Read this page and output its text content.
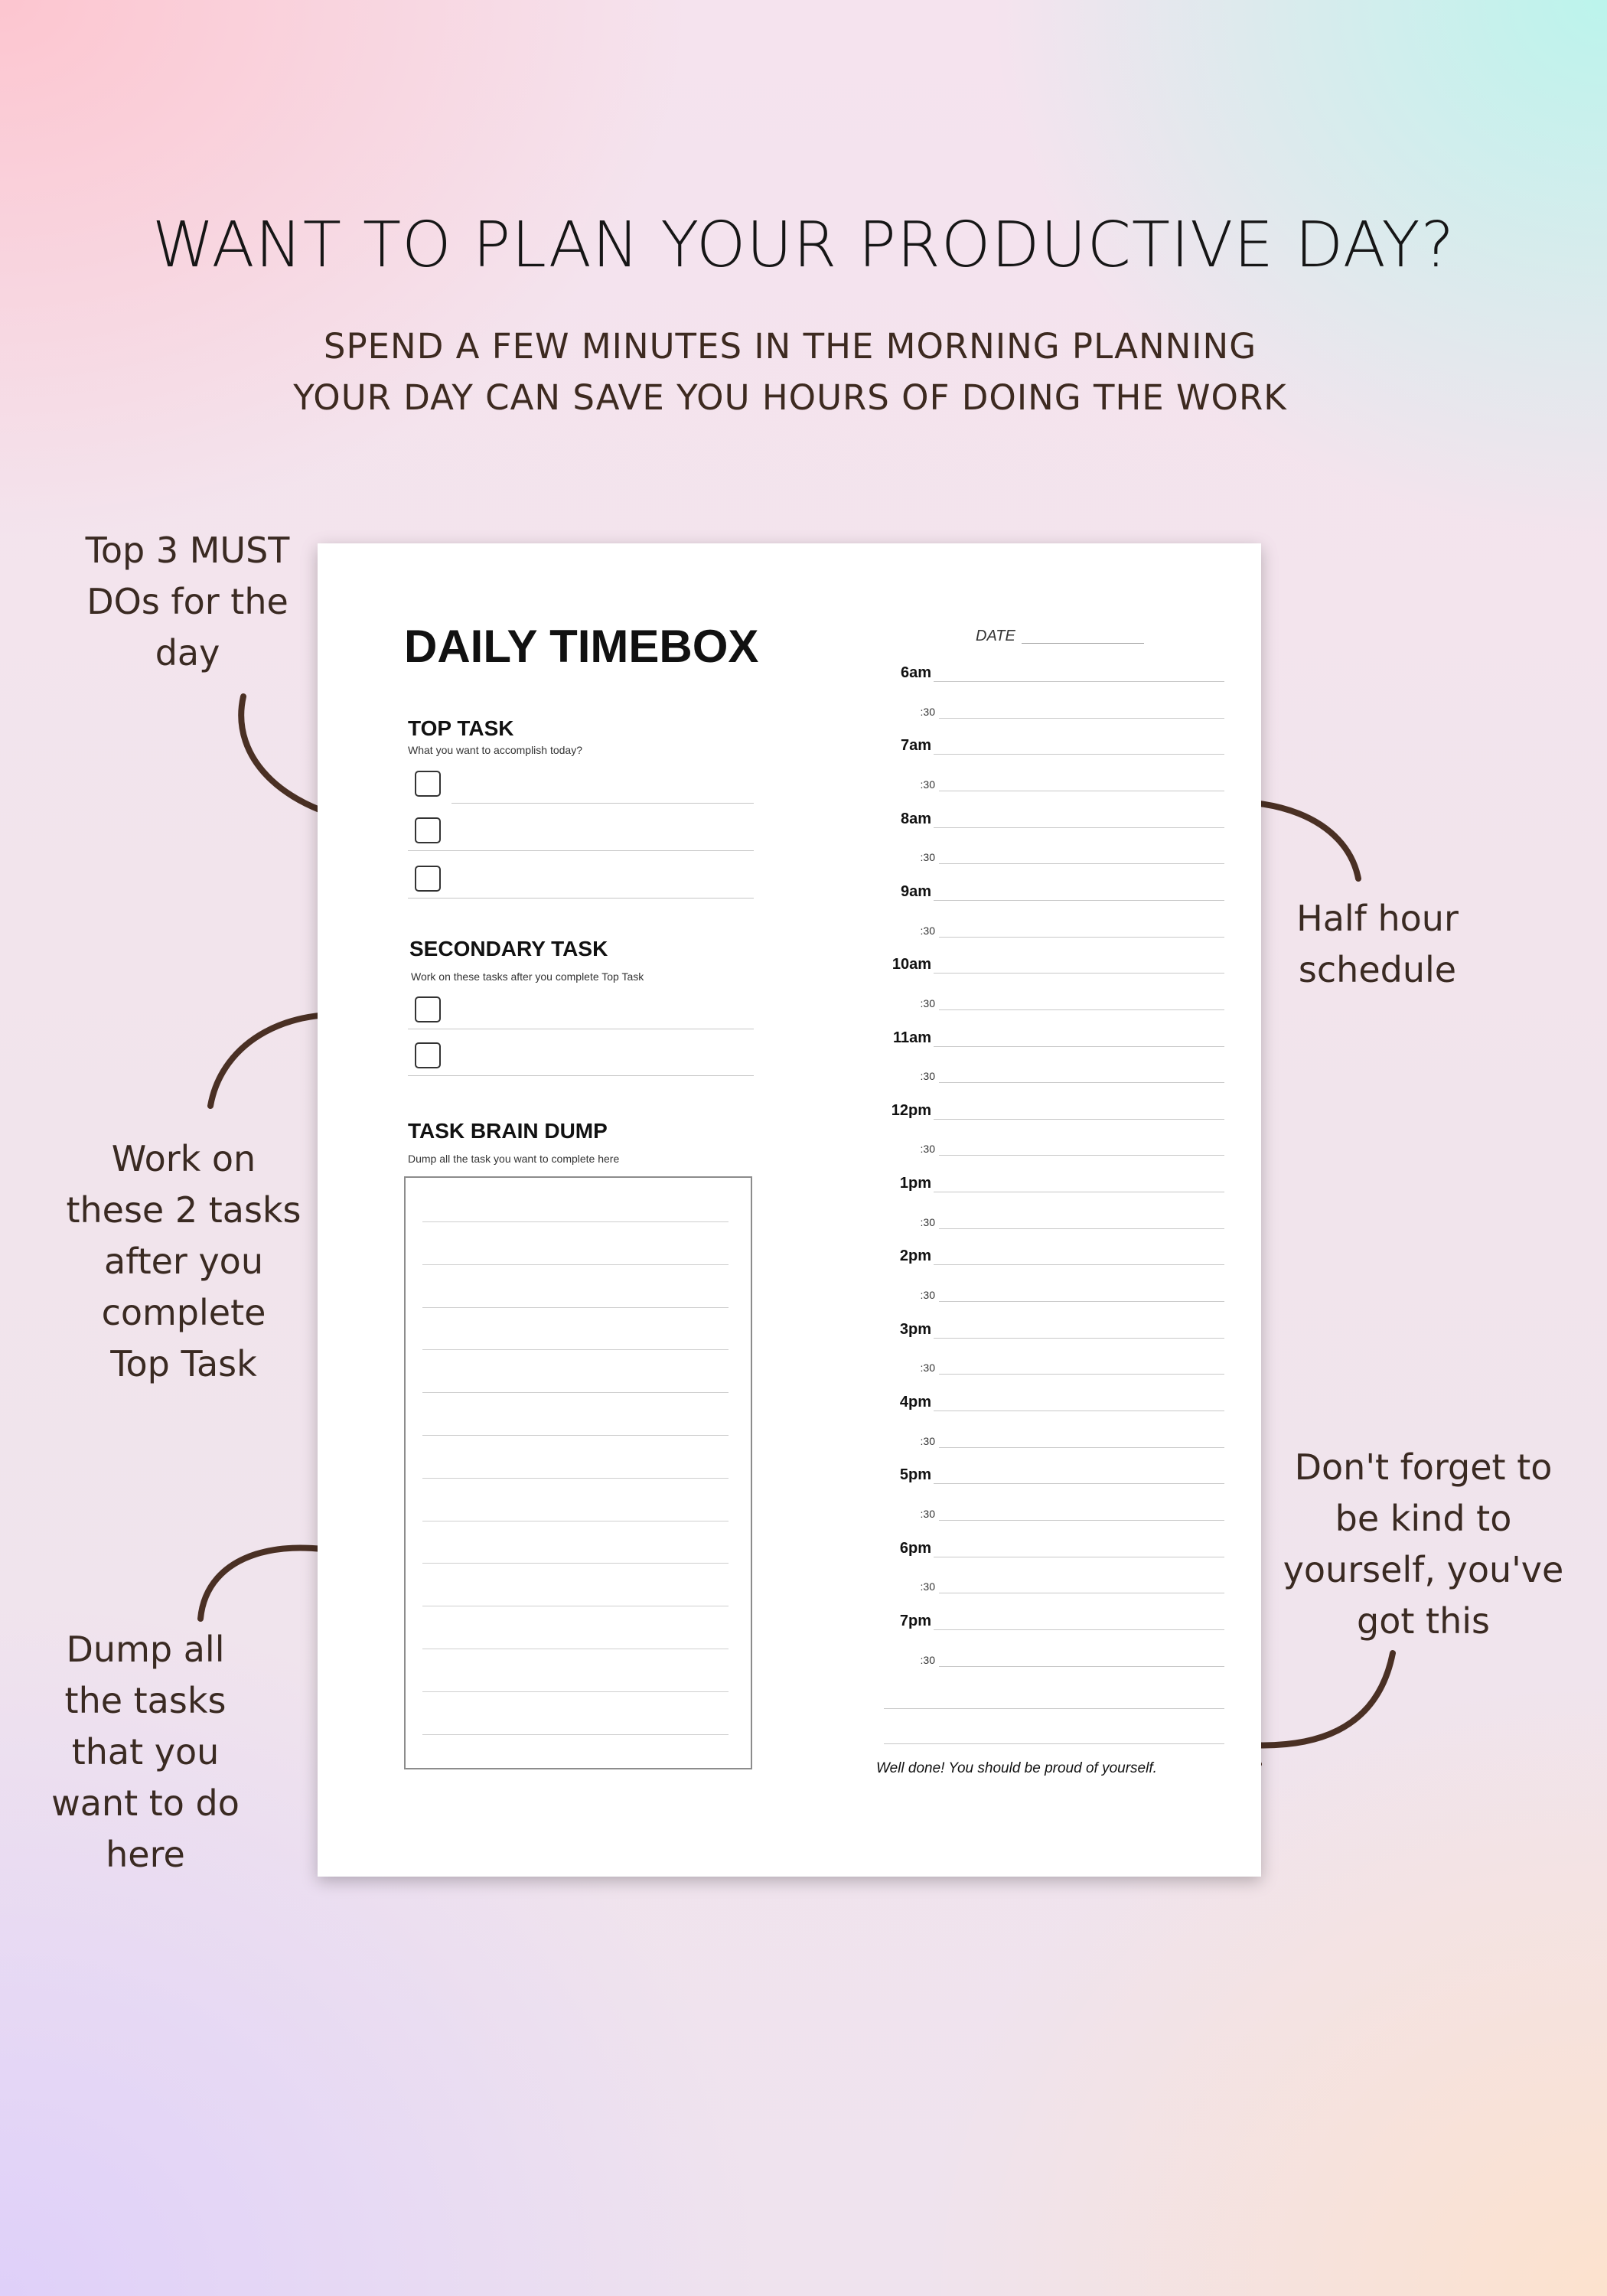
WANT TO PLAN YOUR PRODUCTIVE DAY?
SPEND A FEW MINUTES IN THE MORNING PLANNING
YOUR DAY CAN SAVE YOU HOURS OF DOING THE WORK
Top 3 MUST
DOs for the
day
Half hour
schedule
Work on
these 2 tasks
after you
complete
Top Task
Don't forget to
be kind to
yourself, you've
got this
Dump all
the tasks
that you
want to do
here
DAILY TIMEBOX	DATE
TOP TASK
What you want to accomplish today?
SECONDARY TASK
Work on these tasks after you complete Top Task
TASK BRAIN DUMP
Dump all the task you want to complete here
6am
:30
7am
:30
8am
:30
9am
:30
10am
:30
11am
:30
12pm
:30
1pm
:30
2pm
:30
3pm
:30
4pm
:30
5pm
:30
6pm
:30
7pm
:30
Well done! You should be proud of yourself.
